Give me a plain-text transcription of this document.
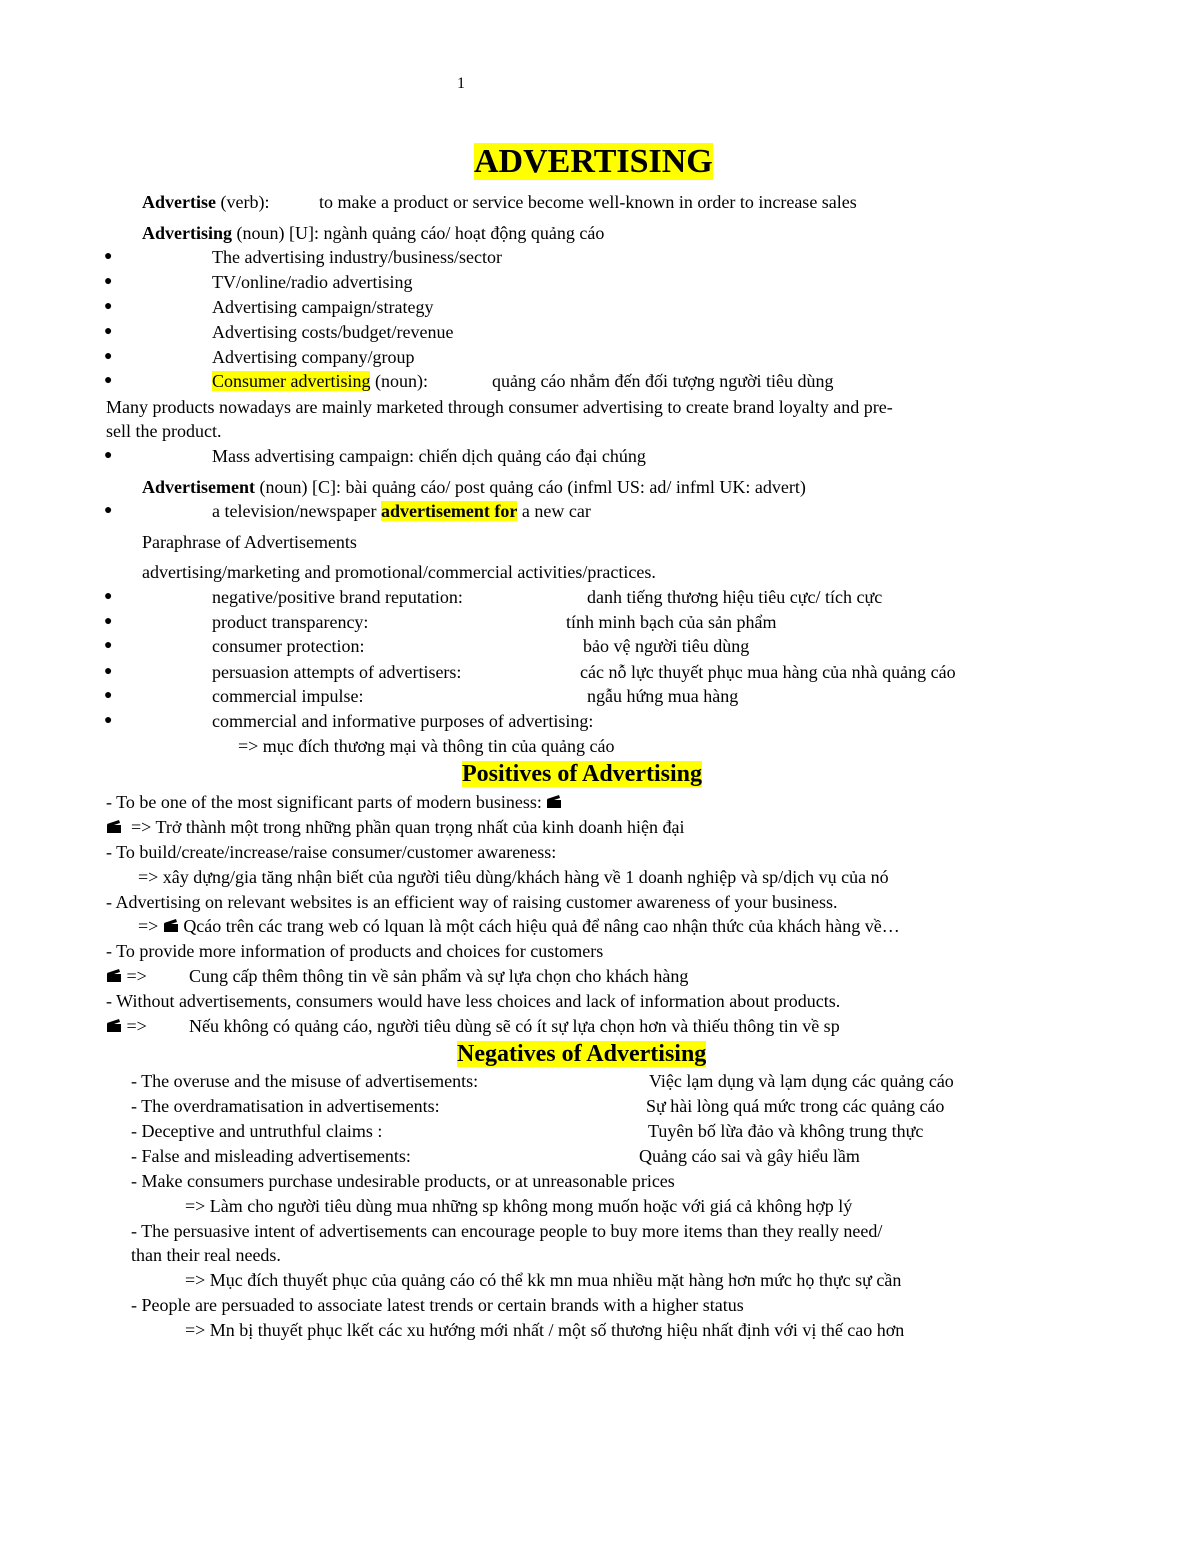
1
ADVERTISING
Advertise (verb):	to make a product or service become well-known in order to increase sales
Advertising (noun) [U]: ngành quảng cáo/ hoạt động quảng cáo
●	The advertising industry/business/sector
●	TV/online/radio advertising
●	Advertising campaign/strategy
●	Advertising costs/budget/revenue
●	Advertising company/group
●	Consumer advertising (noun):	quảng cáo nhắm đến đối tượng người tiêu dùng
Many products nowadays are mainly marketed through consumer advertising to create brand loyalty and pre-
sell the product.
●	Mass advertising campaign: chiến dịch quảng cáo đại chúng
Advertisement (noun) [C]: bài quảng cáo/ post quảng cáo (infml US: ad/ infml UK: advert)
●	a television/newspaper advertisement for a new car
Paraphrase of Advertisements
advertising/marketing and promotional/commercial activities/practices.
●	negative/positive brand reputation:	danh tiếng thương hiệu tiêu cực/ tích cực
●	product transparency:	tính minh bạch của sản phẩm
●	consumer protection:	bảo vệ người tiêu dùng
●	persuasion attempts of advertisers:	các nỗ lực thuyết phục mua hàng của nhà quảng cáo
●	commercial impulse:	ngẫu hứng mua hàng
●	commercial and informative purposes of advertising:
=> mục đích thương mại và thông tin của quảng cáo
Positives of Advertising
- To be one of the most significant parts of modern business:
=> Trở thành một trong những phần quan trọng nhất của kinh doanh hiện đại
- To build/create/increase/raise consumer/customer awareness:
=> xây dựng/gia tăng nhận biết của người tiêu dùng/khách hàng về 1 doanh nghiệp và sp/dịch vụ của nó
- Advertising on relevant websites is an efficient way of raising customer awareness of your business.
=> Qcáo trên các trang web có lquan là một cách hiệu quả để nâng cao nhận thức của khách hàng về…
- To provide more information of products and choices for customers
=> Cung cấp thêm thông tin về sản phẩm và sự lựa chọn cho khách hàng
- Without advertisements, consumers would have less choices and lack of information about products.
=> Nếu không có quảng cáo, người tiêu dùng sẽ có ít sự lựa chọn hơn và thiếu thông tin về sp
Negatives of Advertising
- The overuse and the misuse of advertisements:	Việc lạm dụng và lạm dụng các quảng cáo
- The overdramatisation in advertisements:	Sự hài lòng quá mức trong các quảng cáo
- Deceptive and untruthful claims :	Tuyên bố lừa đảo và không trung thực
- False and misleading advertisements:	Quảng cáo sai và gây hiểu lầm
- Make consumers purchase undesirable products, or at unreasonable prices
=> Làm cho người tiêu dùng mua những sp không mong muốn hoặc với giá cả không hợp lý
- The persuasive intent of advertisements can encourage people to buy more items than they really need/
than their real needs.
=> Mục đích thuyết phục của quảng cáo có thể kk mn mua nhiều mặt hàng hơn mức họ thực sự cần
- People are persuaded to associate latest trends or certain brands with a higher status
=> Mn bị thuyết phục lkết các xu hướng mới nhất / một số thương hiệu nhất định với vị thế cao hơn
